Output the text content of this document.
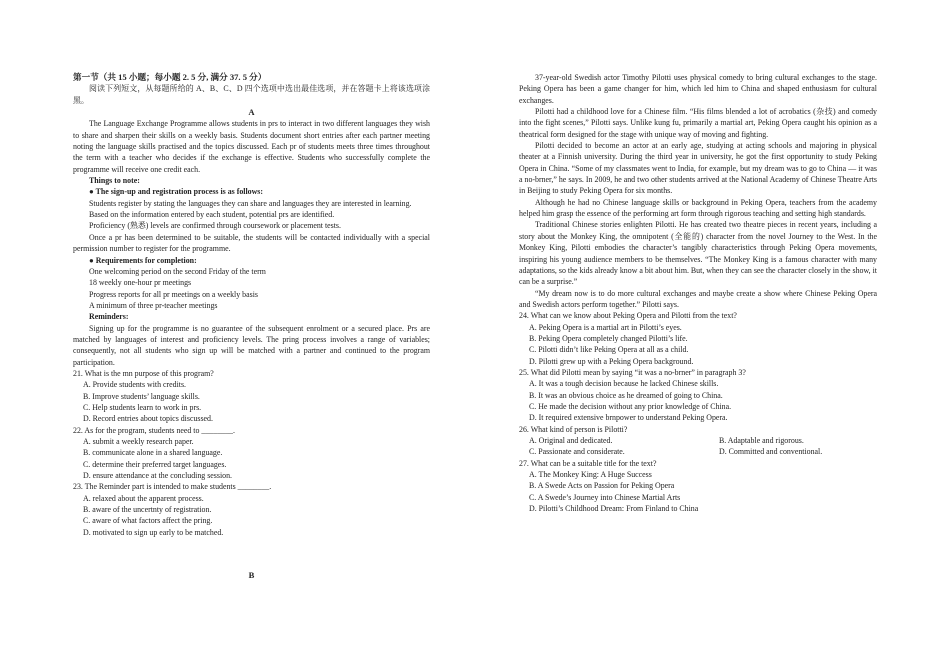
第一节（共 15 小题；每小题 2. 5 分, 满分 37. 5 分）

阅读下列短文，从每题所给的 A、B、C、D 四个选项中选出最佳选项，并在答题卡上将该选项涂黑。

A

The Language Exchange Programme allows students in prs to interact in two different languages they wish to share and sharpen their skills on a weekly basis. Students document short entries after each partner meeting noting the language skills practised and the topics discussed. Each pr of students meets three times throughout the term with a teacher who decides if the exchange is effective. Students who successfully complete the programme will receive one credit each.

Things to note:

● The sign-up and registration process is as follows:

Students register by stating the languages they can share and languages they are interested in learning.

Based on the information entered by each student, potential prs are identified.

Proficiency (熟悉) levels are confirmed through coursework or placement tests.

Once a pr has been determined to be suitable, the students will be contacted individually with a special permission number to register for the programme.

● Requirements for completion:

One welcoming period on the second Friday of the term

18 weekly one-hour pr meetings

Progress reports for all pr meetings on a weekly basis

A minimum of three pr-teacher meetings

Reminders:

Signing up for the programme is no guarantee of the subsequent enrolment or a secured place. Prs are matched by languages of interest and proficiency levels. The pring process involves a range of variables; consequently, not all students who sign up will be matched with a partner and continued to the program participation.

21. What is the mn purpose of this program?

A. Provide students with credits.

B. Improve students’ language skills.

C. Help students learn to work in prs.

D. Record entries about topics discussed.

22. As for the program, students need to ________.

A. submit a weekly research paper.

B. communicate alone in a shared language.

C. determine their preferred target languages.

D. ensure attendance at the concluding session.

23. The Reminder part is intended to make students ________.

A. relaxed about the apparent process.

B. aware of the uncertnty of registration.

C. aware of what factors affect the pring.

D. motivated to sign up early to be matched.

B

37-year-old Swedish actor Timothy Pilotti uses physical comedy to bring cultural exchanges to the stage. Peking Opera has been a game changer for him, which led him to China and shaped enthusiasm for cultural exchanges.

Pilotti had a childhood love for a Chinese film. “His films blended a lot of acrobatics (杂技) and comedy into the fight scenes,” Pilotti says. Unlike kung fu, primarily a martial art, Peking Opera caught his opinion as a theatrical form designed for the stage with unique way of moving and fighting.

Pilotti decided to become an actor at an early age, studying at acting schools and majoring in physical theater at a Finnish university. During the third year in university, he got the first opportunity to study Peking Opera in China. “Some of my classmates went to India, for example, but my dream was to go to China — it was a no-brner,” he says. In 2009, he and two other students arrived at the National Academy of Chinese Theatre Arts in Beijing to study Peking Opera for six months.

Although he had no Chinese language skills or background in Peking Opera, teachers from the academy helped him grasp the essence of the performing art form through rigorous teaching and setting high standards.

Traditional Chinese stories enlighten Pilotti. He has created two theatre pieces in recent years, including a story about the Monkey King, the omnipotent (全能的) character from the novel Journey to the West. In the Monkey King, Pilotti embodies the character’s tangibly characteristics through Peking Opera movements, inspiring his young audience members to be themselves. “The Monkey King is a famous character with many adaptations, so the kids already know a bit about him. But, when they can see the character closely in the show, it can be a surprise.”

“My dream now is to do more cultural exchanges and maybe create a show where Chinese Peking Opera and Swedish actors perform together.” Pilotti says.

24. What can we know about Peking Opera and Pilotti from the text?

A. Peking Opera is a martial art in Pilotti’s eyes.

B. Peking Opera completely changed Pilotti’s life.

C. Pilotti didn’t like Peking Opera at all as a child.

D. Pilotti grew up with a Peking Opera background.

25. What did Pilotti mean by saying “it was a no-brner” in paragraph 3?

A. It was a tough decision because he lacked Chinese skills.

B. It was an obvious choice as he dreamed of going to China.

C. He made the decision without any prior knowledge of China.

D. It required extensive brnpower to understand Peking Opera.

26. What kind of person is Pilotti?

A. Original and dedicated.	B. Adaptable and rigorous.
C. Passionate and considerate.	D. Committed and conventional.

27. What can be a suitable title for the text?

A. The Monkey King: A Huge Success

B. A Swede Acts on Passion for Peking Opera

C. A Swede’s Journey into Chinese Martial Arts

D. Pilotti’s Childhood Dream: From Finland to China
